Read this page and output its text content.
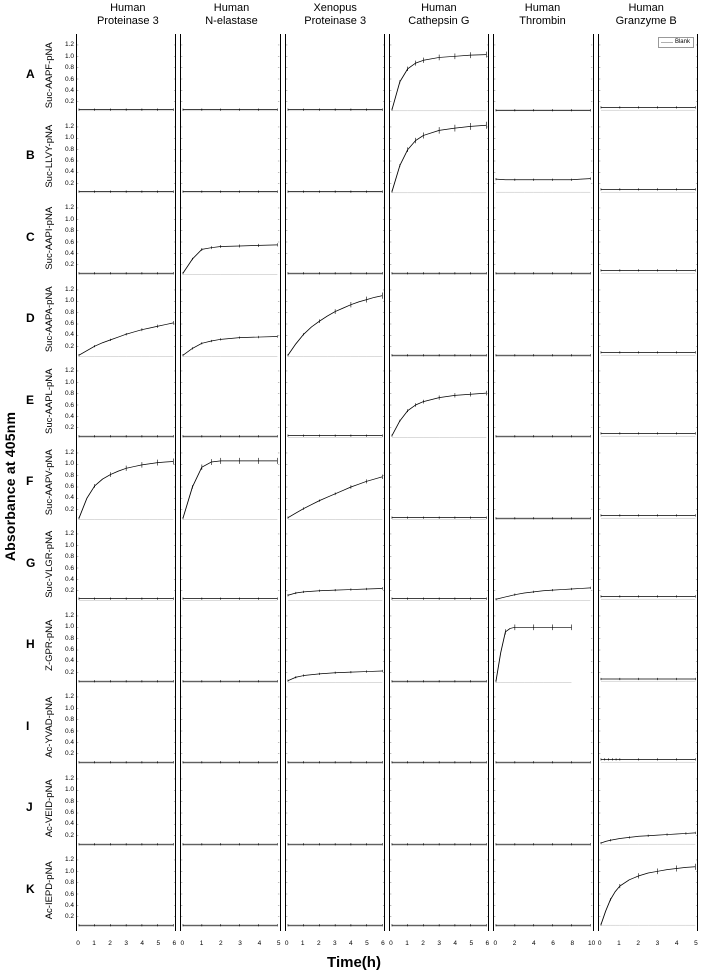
Absorbance at 405nm
Time(h)
Human
Proteinase 3
Human
N-elastase
Xenopus
Proteinase 3
Human
Cathepsin G
Human
Thrombin
Human
Granzyme B
Blank
0 1 2 3 4 5 6 0 1 2 3 4 5 0 1 2 3 4 5 6 0 1 2 3 4 5 6 0 2 4 6 8 10 0 1 2 3 4 5
A Suc-AAPF-pNA	0.2
0.4
0.6
0.8
1.0
1.2
B Suc-LLVY-pNA	0.2
0.4
0.6
0.8
1.0
1.2
C Suc-AAPI-pNA	0.2
0.4
0.6
0.8
1.0
1.2
D Suc-AAPA-pNA	0.2
0.4
0.6
0.8
1.0
1.2
E	Suc-AAPL-pNA	0.2
0.4
0.6
0.8
1.0
1.2
F	Suc-AAPV-pNA	0.2
0.4
0.6
0.8
1.0
1.2
G Suc-VLGR-pNA	0.2
0.4
0.6
0.8
1.0
1.2
H Z-GPR-pNA
0.2
0.4
0.6
0.8
1.0
1.2
I	Ac-YVAD-pNA	0.2
0.4
0.6
0.8
1.0
1.2
J	Ac-VEID-pNA	0.2
0.4
0.6
0.8
1.0
1.2
K Ac-IEPD-pNA	0.2
0.4
0.6
0.8
1.0
1.2
